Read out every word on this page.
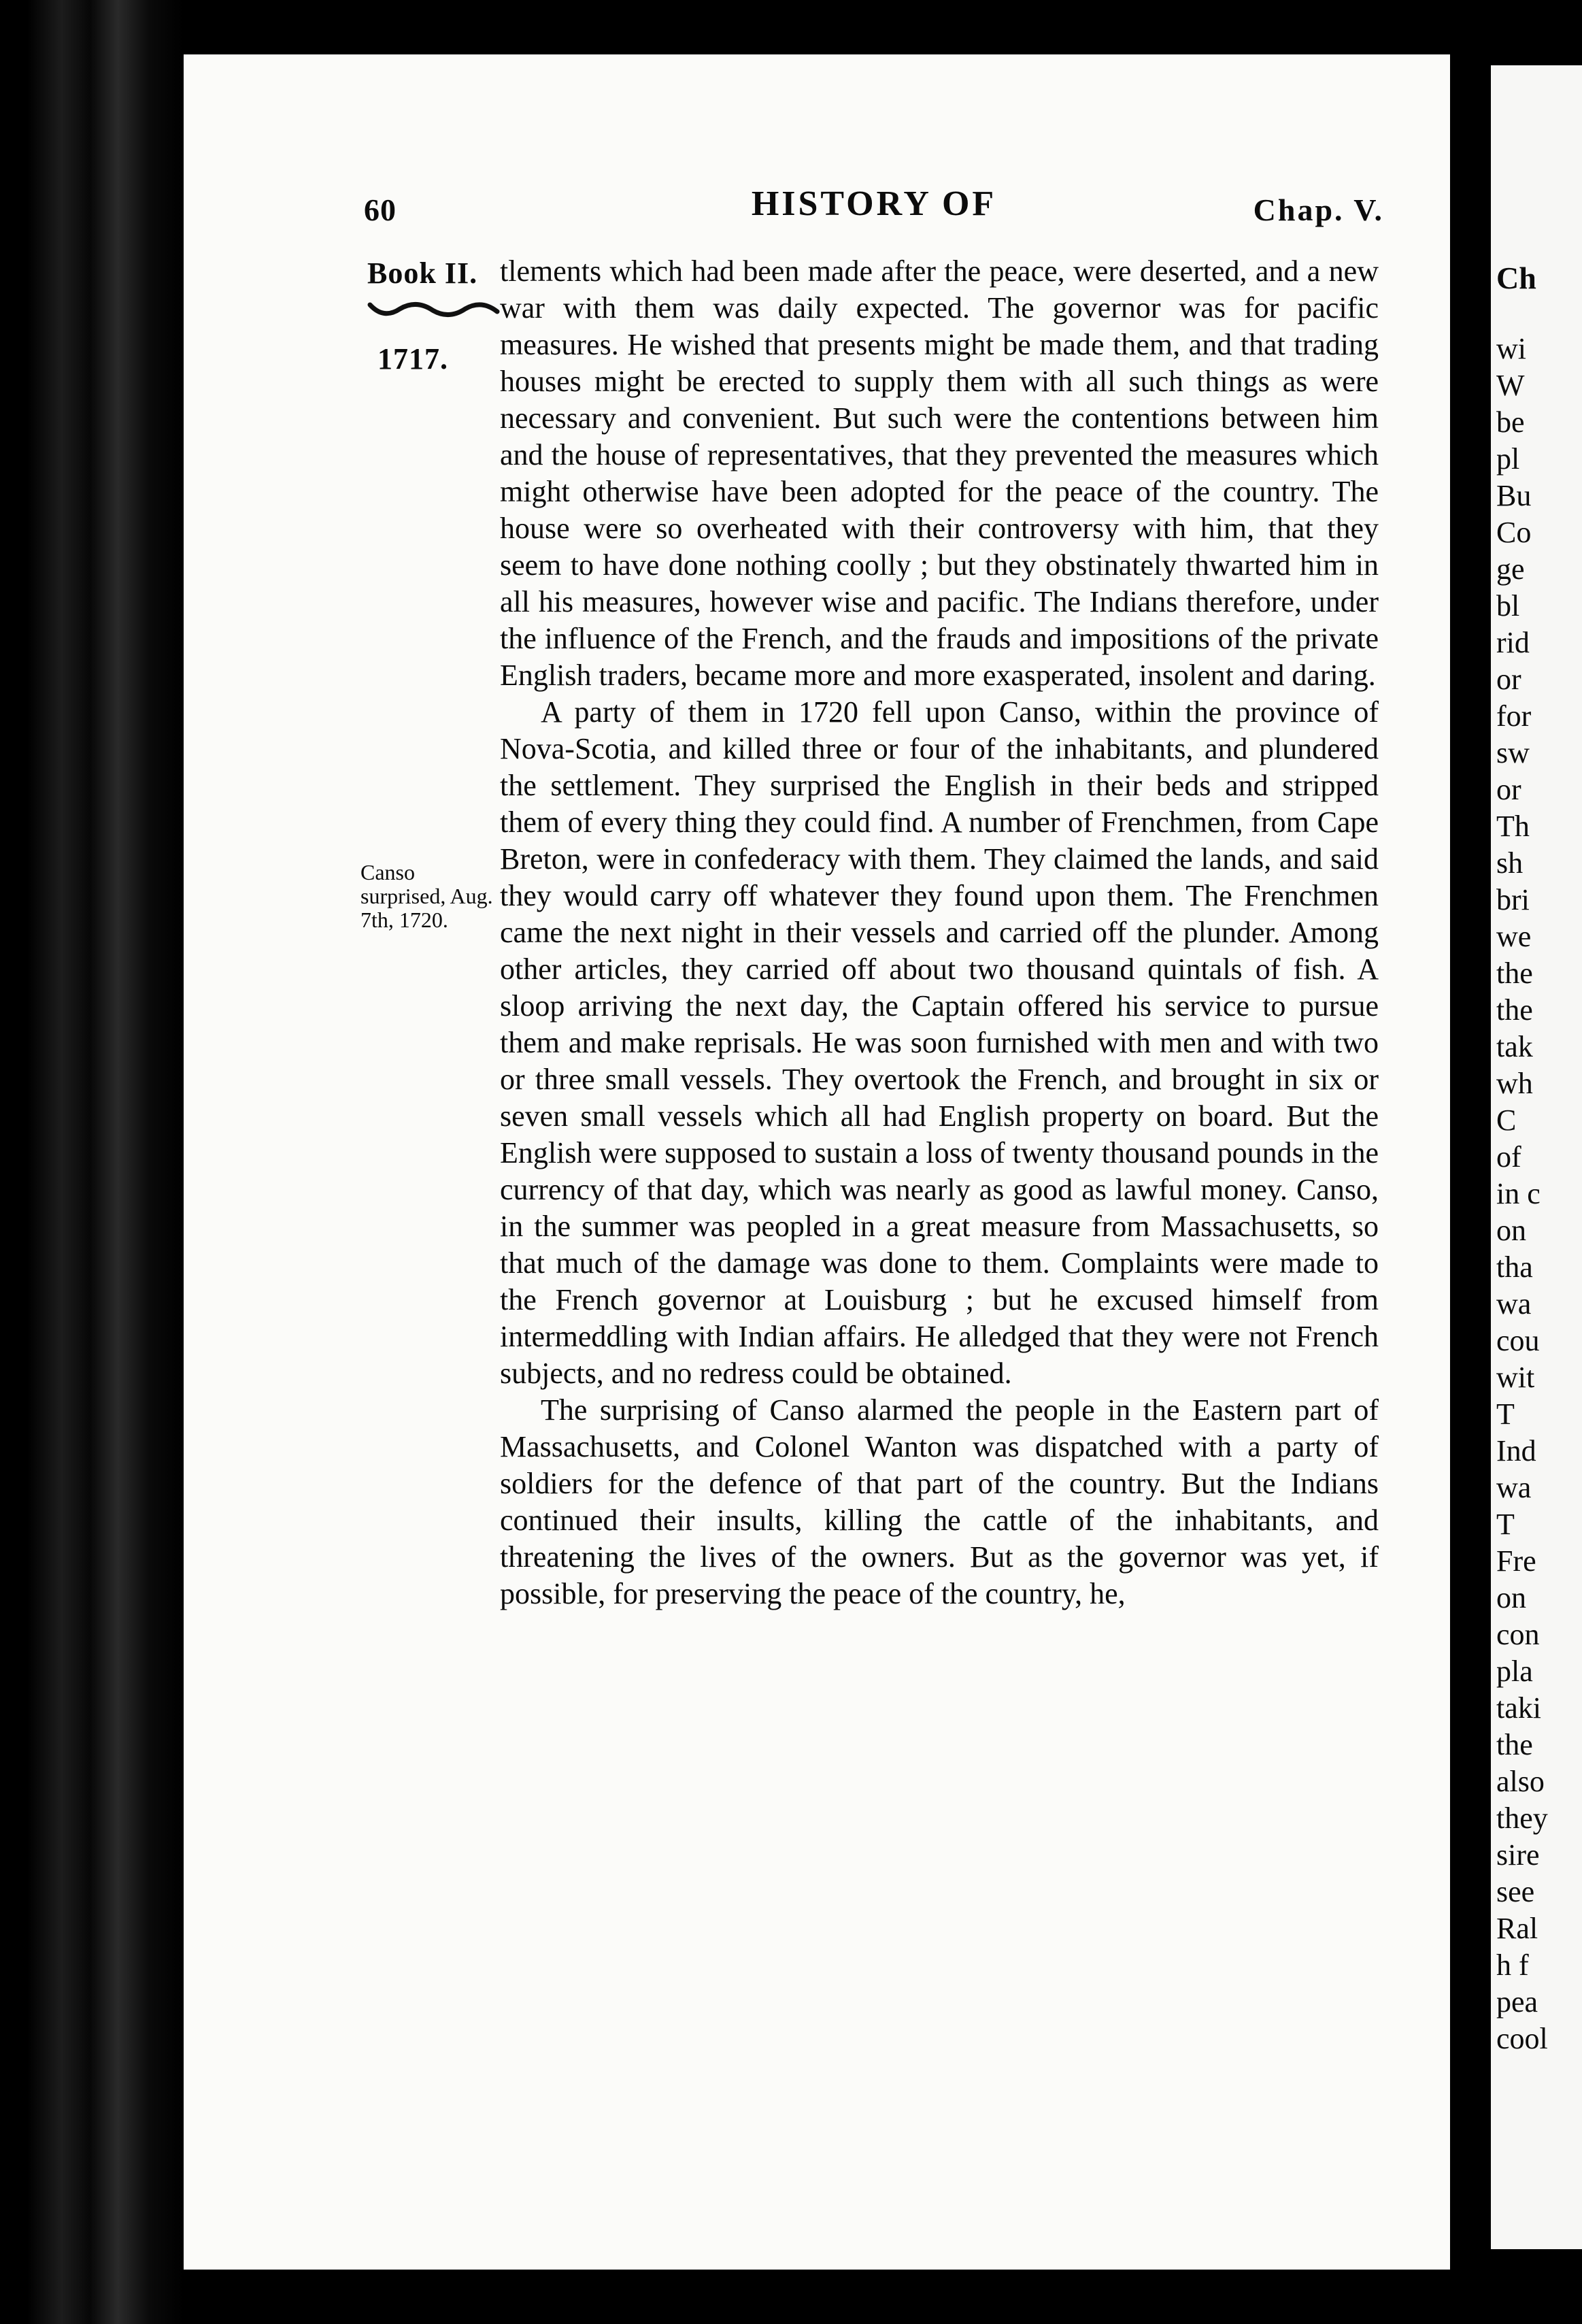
60	HISTORY OF	Chap. V.
Book II.
1717.
Canso surprised, Aug. 7th, 1720.

tlements which had been made after the peace, were deserted, and a new war with them was daily expected. The governor was for pacific measures. He wished that presents might be made them, and that trading houses might be erected to supply them with all such things as were necessary and convenient. But such were the contentions between him and the house of representatives, that they prevented the measures which might otherwise have been adopted for the peace of the country. The house were so overheated with their controversy with him, that they seem to have done nothing coolly ; but they obstinately thwarted him in all his measures, however wise and pacific. The Indians therefore, under the influence of the French, and the frauds and impositions of the private English traders, became more and more exasperated, insolent and daring.

A party of them in 1720 fell upon Canso, within the province of Nova-Scotia, and killed three or four of the inhabitants, and plundered the settlement. They surprised the English in their beds and stripped them of every thing they could find. A number of Frenchmen, from Cape Breton, were in confederacy with them. They claimed the lands, and said they would carry off whatever they found upon them. The Frenchmen came the next night in their vessels and carried off the plunder. Among other articles, they carried off about two thousand quintals of fish. A sloop arriving the next day, the Captain offered his service to pursue them and make reprisals. He was soon furnished with men and with two or three small vessels. They overtook the French, and brought in six or seven small vessels which all had English property on board. But the English were supposed to sustain a loss of twenty thousand pounds in the currency of that day, which was nearly as good as lawful money. Canso, in the summer was peopled in a great measure from Massachusetts, so that much of the damage was done to them. Complaints were made to the French governor at Louisburg ; but he excused himself from intermeddling with Indian affairs. He alledged that they were not French subjects, and no redress could be obtained.

The surprising of Canso alarmed the people in the Eastern part of Massachusetts, and Colonel Wanton was dispatched with a party of soldiers for the defence of that part of the country. But the Indians continued their insults, killing the cattle of the inhabitants, and threatening the lives of the owners. But as the governor was yet, if possible, for preserving the peace of the country, he,

Ch
wi
W
be
pl
Bu
Co
ge
bl
rid
or
for
sw
or
Th
sh
bri
we
the
the
tak
wh
C
of
in c
on
tha
wa
cou
wit
T
Ind
wa
T
Fre
on
con
pla
taki
the
also
they
sire
see
Ral
h f
pea
cool
